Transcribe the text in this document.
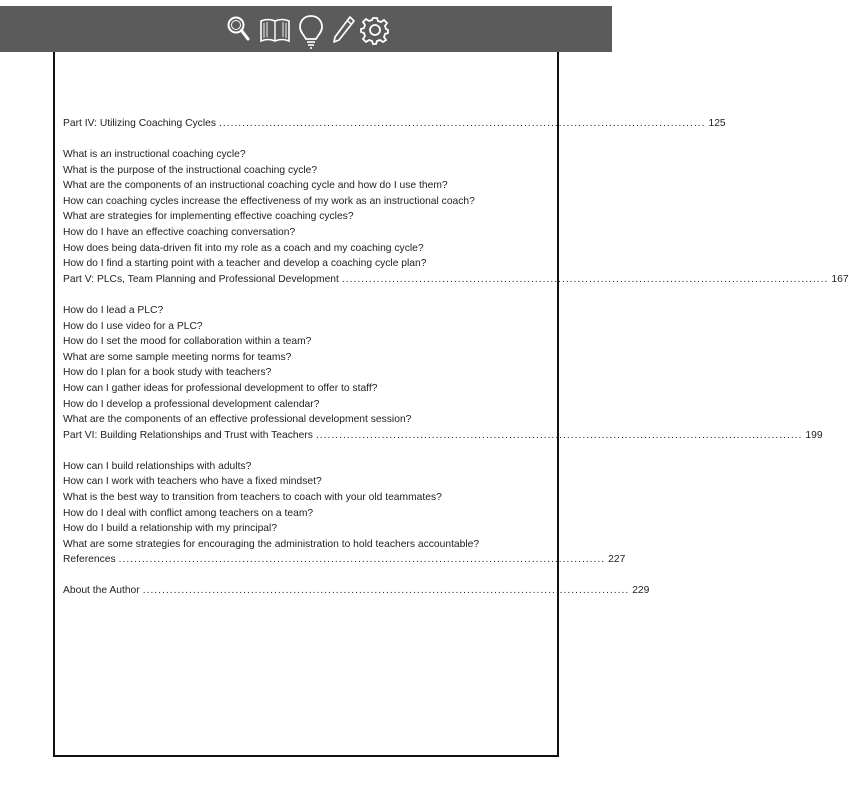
Part IV: Utilizing Coaching Cycles .............................................................................................................................. 125
What is an instructional coaching cycle?
What is the purpose of the instructional coaching cycle?
What are the components of an instructional coaching cycle and how do I use them?
How can coaching cycles increase the effectiveness of my work as an instructional coach?
What are strategies for implementing effective coaching cycles?
How do I have an effective coaching conversation?
How does being data-driven fit into my role as a coach and my coaching cycle?
How do I find a starting point with a teacher and develop a coaching cycle plan?
Part V: PLCs, Team Planning and Professional Development .............................................................................................................................. 167
How do I lead a PLC?
How do I use video for a PLC?
How do I set the mood for collaboration within a team?
What are some sample meeting norms for teams?
How do I plan for a book study with teachers?
How can I gather ideas for professional development to offer to staff?
How do I develop a professional development calendar?
What are the components of an effective professional development session?
Part VI: Building Relationships and Trust with Teachers .............................................................................................................................. 199
How can I build relationships with adults?
How can I work with teachers who have a fixed mindset?
What is the best way to transition from teachers to coach with your old teammates?
How do I deal with conflict among teachers on a team?
How do I build a relationship with my principal?
What are some strategies for encouraging the administration to hold teachers accountable?
References .............................................................................................................................. 227
About the Author .............................................................................................................................. 229
